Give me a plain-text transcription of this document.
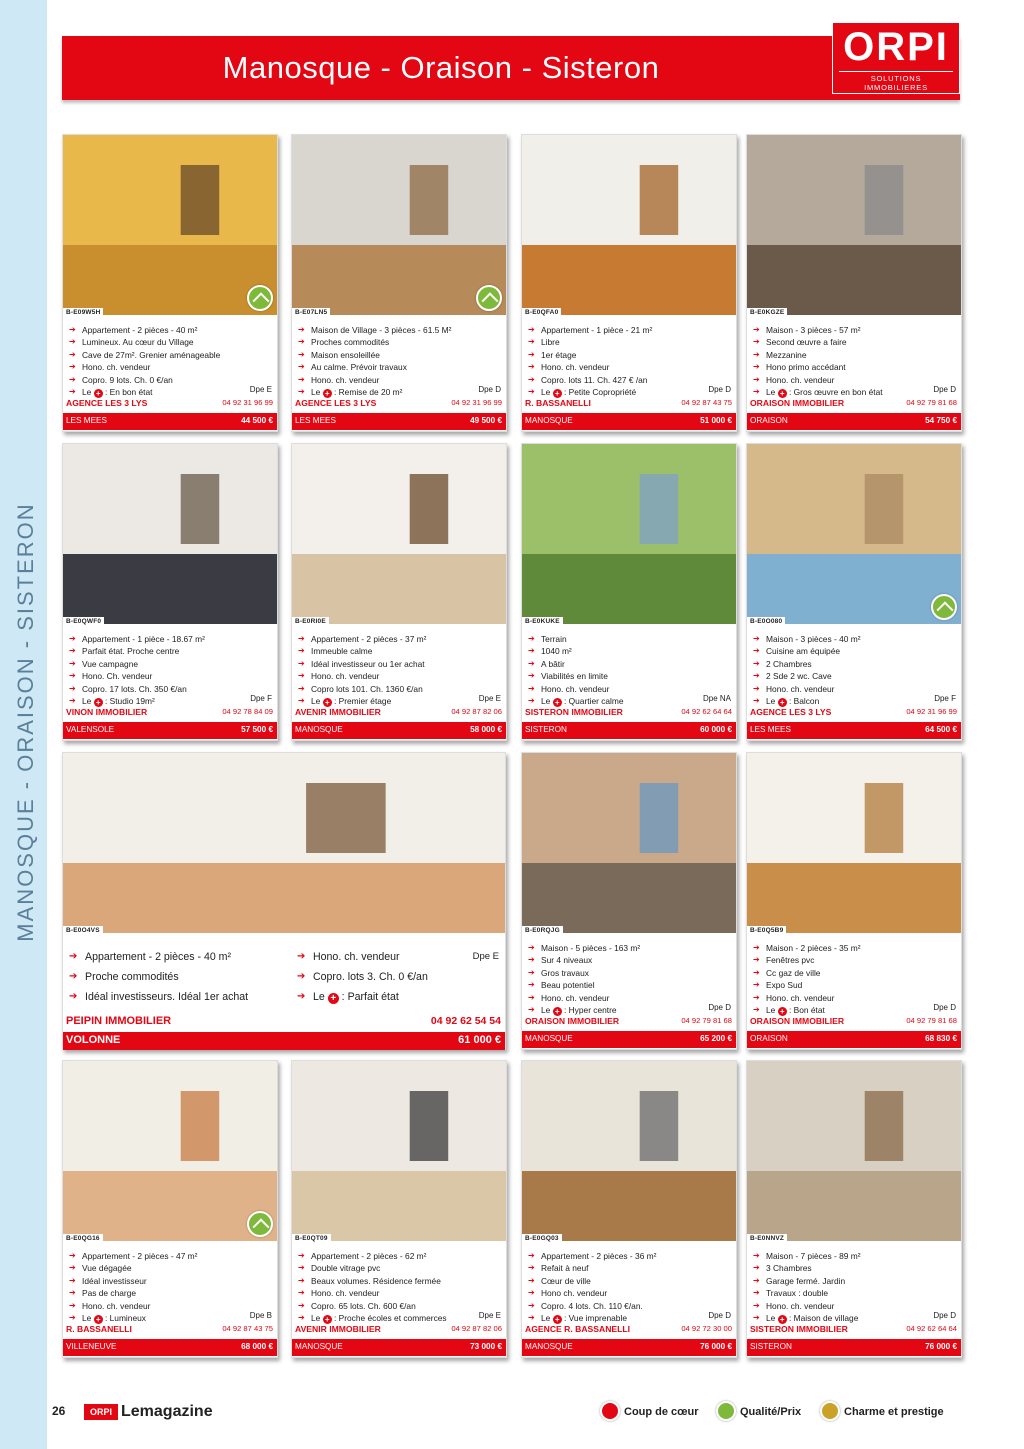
MANOSQUE - ORAISON - SISTERON
Manosque - Oraison - Sisteron	ORPI
SOLUTIONS IMMOBILIERES
B-E09W5H
➔ Appartement - 2 pièces - 40 m²
➔ Lumineux. Au cœur du Village
➔ Cave de 27m². Grenier aménageable
➔ Hono. ch. vendeur
➔ Copro. 9 lots. Ch. 0 €/an
➔ Le + : En bon état	Dpe E
AGENCE LES 3 LYS	04 92 31 96 99
LES MEES	44 500 €
B-E07LN5
➔ Maison de Village - 3 pièces - 61.5 M²
➔ Proches commodités
➔ Maison ensoleillée
➔ Au calme. Prévoir travaux
➔ Hono. ch. vendeur
➔ Le + : Remise de 20 m²	Dpe D
AGENCE LES 3 LYS	04 92 31 96 99
LES MEES	49 500 €
B-E0QFA0
➔ Appartement - 1 pièce - 21 m²
➔ Libre
➔ 1er étage
➔ Hono. ch. vendeur
➔ Copro. lots 11. Ch. 427 € /an
➔ Le + : Petite Copropriété	Dpe D
R. BASSANELLI	04 92 87 43 75
MANOSQUE	51 000 €
B-E0KGZE
➔ Maison - 3 pièces - 57 m²
➔ Second œuvre a faire
➔ Mezzanine
➔ Hono primo accédant
➔ Hono. ch. vendeur
➔ Le + : Gros œuvre en bon état	Dpe D
ORAISON IMMOBILIER	04 92 79 81 68
ORAISON	54 750 €
B-E0QWF0
➔ Appartement - 1 pièce - 18.67 m²
➔ Parfait état. Proche centre
➔ Vue campagne
➔ Hono. Ch. vendeur
➔ Copro. 17 lots. Ch. 350 €/an
➔ Le + : Studio 19m²	Dpe F
VINON IMMOBILIER	04 92 78 84 09
VALENSOLE	57 500 €
B-E0RI0E
➔ Appartement - 2 pièces - 37 m²
➔ Immeuble calme
➔ Idéal investisseur ou 1er achat
➔ Hono. ch. vendeur
➔ Copro lots 101. Ch. 1360 €/an
➔ Le + : Premier étage	Dpe E
AVENIR IMMOBILIER	04 92 87 82 06
MANOSQUE	58 000 €
B-E0KUKE
➔ Terrain
➔ 1040 m²
➔ A bâtir
➔ Viabilités en limite
➔ Hono. ch. vendeur
➔ Le + : Quartier calme	Dpe NA
SISTERON IMMOBILIER	04 92 62 64 64
SISTERON	60 000 €
B-E0O080
➔ Maison - 3 pièces - 40 m²
➔ Cuisine am équipée
➔ 2 Chambres
➔ 2 Sde 2 wc. Cave
➔ Hono. ch. vendeur
➔ Le + : Balcon	Dpe F
AGENCE LES 3 LYS	04 92 31 96 99
LES MEES	64 500 €
B-E0O4VS
➔ Appartement - 2 pièces - 40 m²
➔ Proche commodités
➔ Idéal investisseurs. Idéal 1er achat
➔ Hono. ch. vendeur
➔ Copro. lots 3. Ch. 0 €/an
➔ Le + : Parfait état
Dpe E
PEIPIN IMMOBILIER	04 92 62 54 54
VOLONNE	61 000 €
B-E0RQJG
➔ Maison - 5 pièces - 163 m²
➔ Sur 4 niveaux
➔ Gros travaux
➔ Beau potentiel
➔ Hono. ch. vendeur
➔ Le + : Hyper centre	Dpe D
ORAISON IMMOBILIER	04 92 79 81 68
MANOSQUE	65 200 €
B-E0Q5B9
➔ Maison - 2 pièces - 35 m²
➔ Fenêtres pvc
➔ Cc gaz de ville
➔ Expo Sud
➔ Hono. ch. vendeur
➔ Le + : Bon état	Dpe D
ORAISON IMMOBILIER	04 92 79 81 68
ORAISON	68 830 €
B-E0QG16
➔ Appartement - 2 pièces - 47 m²
➔ Vue dégagée
➔ Idéal investisseur
➔ Pas de charge
➔ Hono. ch. vendeur
➔ Le + : Lumineux	Dpe B
R. BASSANELLI	04 92 87 43 75
VILLENEUVE	68 000 €
B-E0QT09
➔ Appartement - 2 pièces - 62 m²
➔ Double vitrage pvc
➔ Beaux volumes. Résidence fermée
➔ Hono. ch. vendeur
➔ Copro. 65 lots. Ch. 600 €/an
➔ Le + : Proche écoles et commerces	Dpe E
AVENIR IMMOBILIER	04 92 87 82 06
MANOSQUE	73 000 €
B-E0GQ03
➔ Appartement - 2 pièces - 36 m²
➔ Refait à neuf
➔ Cœur de ville
➔ Hono ch. vendeur
➔ Copro. 4 lots. Ch. 110 €/an.
➔ Le + : Vue imprenable	Dpe D
AGENCE R. BASSANELLI	04 92 72 30 00
MANOSQUE	76 000 €
B-E0NNVZ
➔ Maison - 7 pièces - 89 m²
➔ 3 Chambres
➔ Garage fermé. Jardin
➔ Travaux : double
➔ Hono. ch. vendeur
➔ Le + : Maison de village	Dpe D
SISTERON IMMOBILIER	04 92 62 64 64
SISTERON	76 000 €
26	ORPI Lemagazine	Coup de cœur	Qualité/Prix	Charme et prestige
